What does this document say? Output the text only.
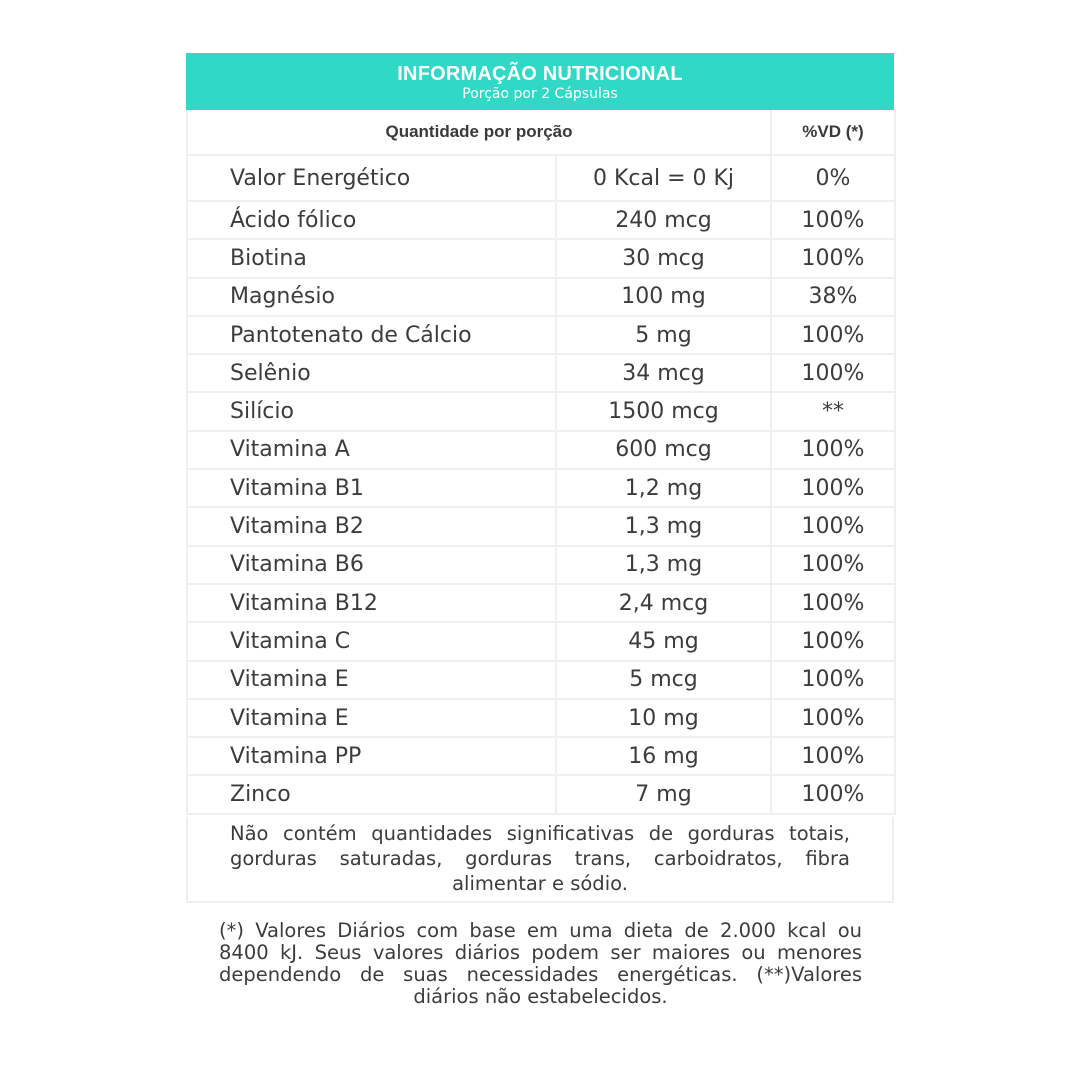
INFORMAÇÃO NUTRICIONAL
Porção por 2 Cápsulas
Quantidade por porção		%VD (*)
Valor Energético	0 Kcal = 0 Kj	0%
Ácido fólico	240 mcg	100%
Biotina	30 mcg	100%
Magnésio	100 mg	38%
Pantotenato de Cálcio	5 mg	100%
Selênio	34 mcg	100%
Silício	1500 mcg	**
Vitamina A	600 mcg	100%
Vitamina B1	1,2 mg	100%
Vitamina B2	1,3 mg	100%
Vitamina B6	1,3 mg	100%
Vitamina B12	2,4 mcg	100%
Vitamina C	45 mg	100%
Vitamina E	5 mcg	100%
Vitamina E	10 mg	100%
Vitamina PP	16 mg	100%
Zinco	7 mg	100%
Não contém quantidades significativas de gorduras totais, gorduras saturadas, gorduras trans, carboidratos, fibra alimentar e sódio.
(*) Valores Diários com base em uma dieta de 2.000 kcal ou 8400 kJ. Seus valores diários podem ser maiores ou menores dependendo de suas necessidades energéticas. (**)Valores diários não estabelecidos.
